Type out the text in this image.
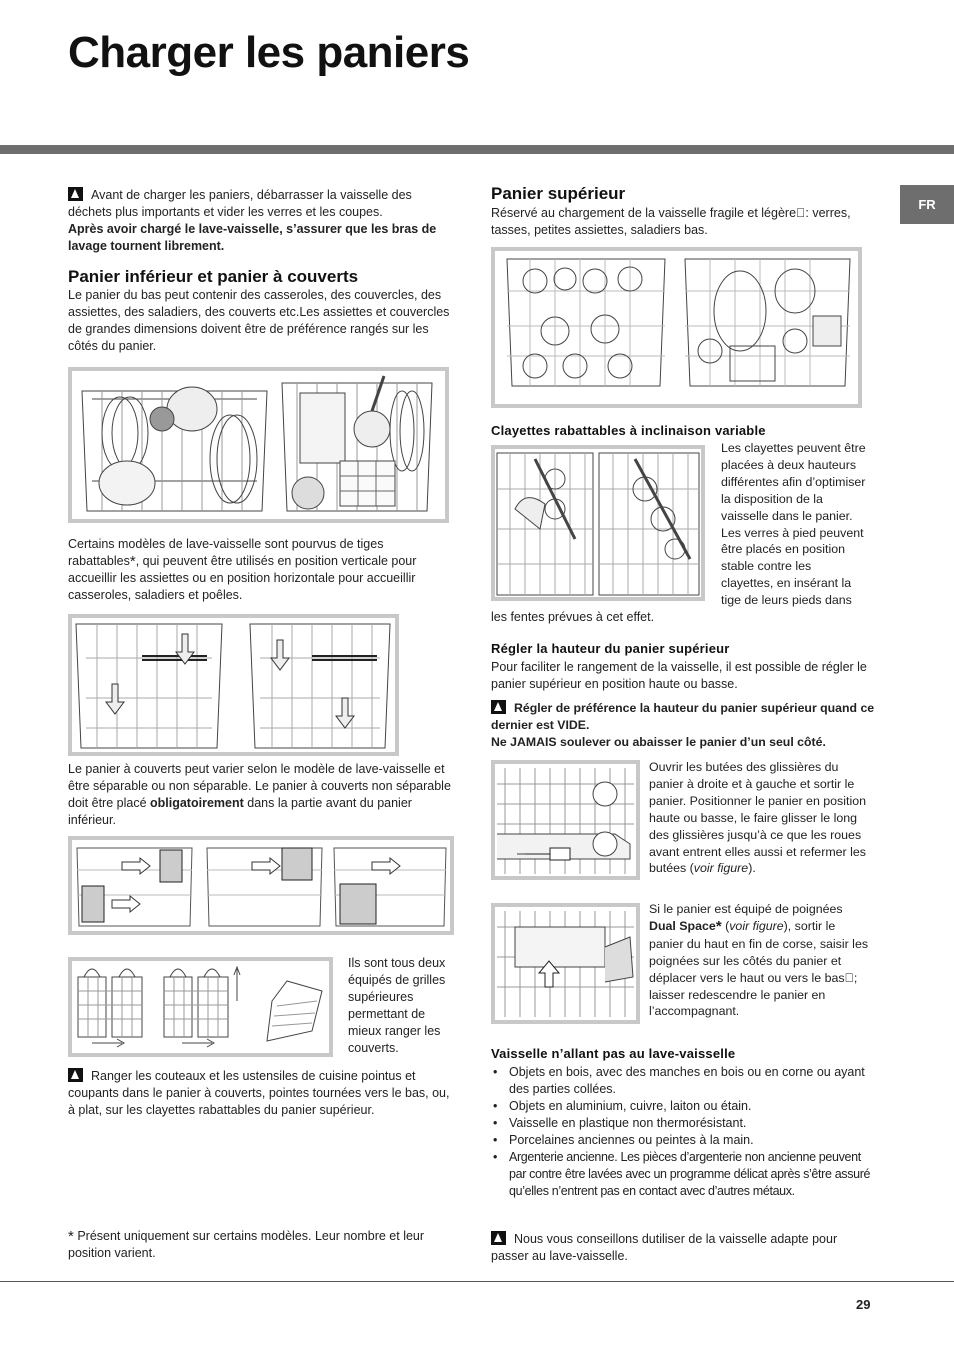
Charger les paniers
FR
Avant de charger les paniers, débarrasser la vaisselle des déchets plus importants et vider les verres et les coupes.
Après avoir chargé le lave-vaisselle, s’assurer que les bras de lavage tournent librement.
Panier inférieur et panier à couverts
Le panier du bas peut contenir des casseroles, des couvercles, des assiettes, des saladiers, des couverts etc.Les assiettes et couvercles de grandes dimensions doivent être de préférence rangés sur les côtés du panier.
Certains modèles de lave-vaisselle sont pourvus de tiges rabattables*, qui peuvent être utilisés en position verticale pour accueillir les assiettes ou en position horizontale pour accueillir casseroles, saladiers et poêles.
Le panier à couverts peut varier selon le modèle de lave-vaisselle et être séparable ou non séparable. Le panier à couverts non séparable doit être placé obligatoirement dans la partie avant du panier inférieur.
Ils sont tous deux équipés de grilles supérieures permettant de mieux ranger les couverts.
Ranger les couteaux et les ustensiles de cuisine pointus et coupants dans le panier à couverts, pointes tournées vers le bas, ou, à plat, sur les clayettes rabattables du panier supérieur.
* Présent uniquement sur certains modèles. Leur nombre et leur position varient.
Panier supérieur
Réservé au chargement de la vaisselle fragile et légère : verres, tasses, petites assiettes, saladiers bas.
Clayettes rabattables à inclinaison variable
Les clayettes peuvent être placées à deux hauteurs différentes afin d’optimiser la disposition de la vaisselle dans le panier. Les verres à pied peuvent être placés en position stable contre les clayettes, en insérant la tige de leurs pieds dans
les fentes prévues à cet effet.
Régler la hauteur du panier supérieur
Pour faciliter le rangement de la vaisselle, il est possible de régler le panier supérieur en position haute ou basse.
Régler de préférence la hauteur du panier supérieur quand ce dernier est VIDE.
Ne JAMAIS soulever ou abaisser le panier d’un seul côté.
Ouvrir les butées des glissières du panier à droite et à gauche et sortir le panier. Positionner le panier en position haute ou basse, le faire glisser le long des glissières jusqu’à ce que les roues avant entrent elles aussi et refermer les butées (voir figure).
Si le panier est équipé de poignées Dual Space* (voir figure), sortir le panier du haut en fin de corse, saisir les poignées sur les côtés du panier et déplacer vers le haut ou vers le bas ; laisser redescendre le panier en l’accompagnant.
Vaisselle n’allant pas au lave-vaisselle
• Objets en bois, avec des manches en bois ou en corne ou ayant des parties collées.
• Objets en aluminium, cuivre, laiton ou étain.
• Vaisselle en plastique non thermorésistant.
• Porcelaines anciennes ou peintes à la main.
• Argenterie ancienne. Les pièces d’argenterie non ancienne peuvent par contre être lavées avec un programme délicat après s’être assuré qu’elles n’entrent pas en contact avec d’autres métaux.
Nous vous conseillons dutiliser de la vaisselle adapte pour passer au lave-vaisselle.
29
